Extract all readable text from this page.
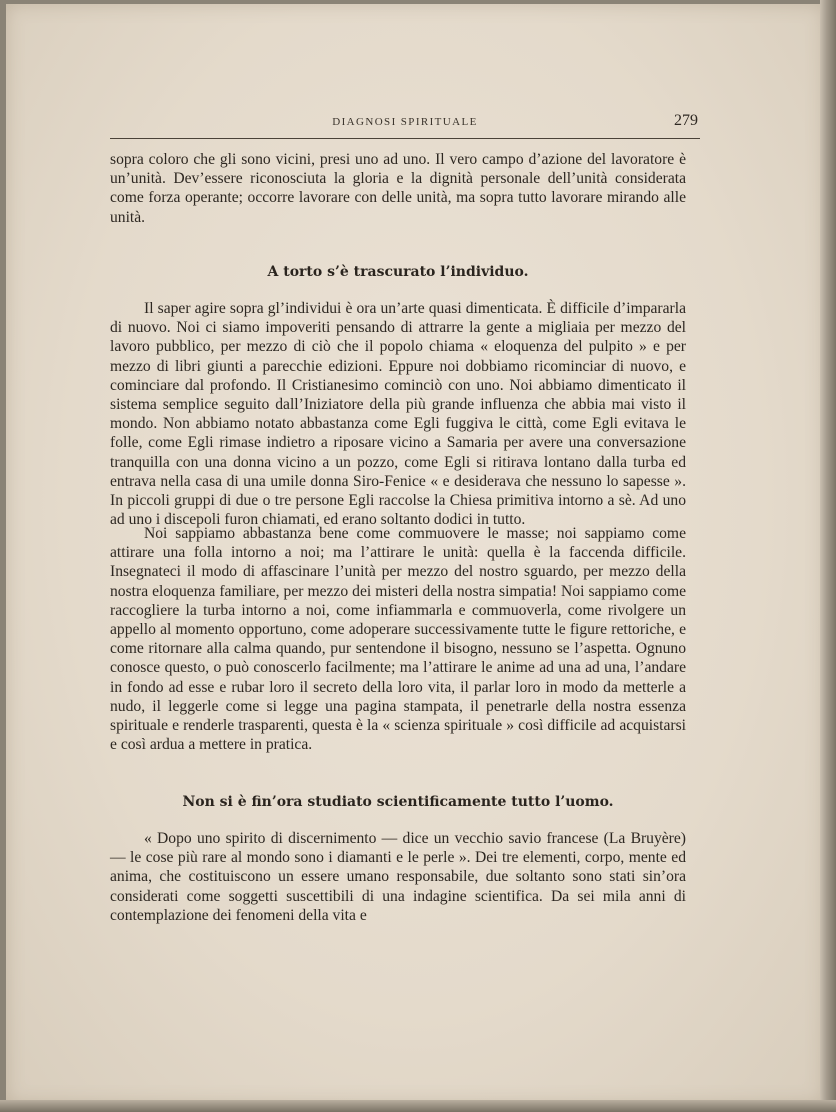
DIAGNOSI SPIRITUALE	279

sopra coloro che gli sono vicini, presi uno ad uno. Il vero campo d’azione del lavoratore è un’unità. Dev’essere riconosciuta la gloria e la dignità personale dell’unità considerata come forza operante; occorre lavorare con delle unità, ma sopra tutto lavorare mirando alle unità.

A torto s’è trascurato l’individuo.

Il saper agire sopra gl’individui è ora un’arte quasi dimenticata. È difficile d’impararla di nuovo. Noi ci siamo impoveriti pensando di attrarre la gente a migliaia per mezzo del lavoro pubblico, per mezzo di ciò che il popolo chiama « eloquenza del pulpito » e per mezzo di libri giunti a parecchie edizioni. Eppure noi dobbiamo ricominciar di nuovo, e cominciare dal profondo. Il Cristianesimo cominciò con uno. Noi abbiamo dimenticato il sistema semplice seguito dall’Iniziatore della più grande influenza che abbia mai visto il mondo. Non abbiamo notato abbastanza come Egli fuggiva le città, come Egli evitava le folle, come Egli rimase indietro a riposare vicino a Samaria per avere una conversazione tranquilla con una donna vicino a un pozzo, come Egli si ritirava lontano dalla turba ed entrava nella casa di una umile donna Siro-Fenice « e desiderava che nessuno lo sapesse ». In piccoli gruppi di due o tre persone Egli raccolse la Chiesa primitiva intorno a sè. Ad uno ad uno i discepoli furon chiamati, ed erano soltanto dodici in tutto.

Noi sappiamo abbastanza bene come commuovere le masse; noi sappiamo come attirare una folla intorno a noi; ma l’attirare le unità: quella è la faccenda difficile. Insegnateci il modo di affascinare l’unità per mezzo del nostro sguardo, per mezzo della nostra eloquenza familiare, per mezzo dei misteri della nostra simpatia! Noi sappiamo come raccogliere la turba intorno a noi, come infiammarla e commuoverla, come rivolgere un appello al momento opportuno, come adoperare successivamente tutte le figure rettoriche, e come ritornare alla calma quando, pur sentendone il bisogno, nessuno se l’aspetta. Ognuno conosce questo, o può conoscerlo facilmente; ma l’attirare le anime ad una ad una, l’andare in fondo ad esse e rubar loro il secreto della loro vita, il parlar loro in modo da metterle a nudo, il leggerle come si legge una pagina stampata, il penetrarle della nostra essenza spirituale e renderle trasparenti, questa è la « scienza spirituale » così difficile ad acquistarsi e così ardua a mettere in pratica.

Non si è fin’ora studiato scientificamente tutto l’uomo.

« Dopo uno spirito di discernimento — dice un vecchio savio francese (La Bruyère) — le cose più rare al mondo sono i diamanti e le perle ». Dei tre elementi, corpo, mente ed anima, che costituiscono un essere umano responsabile, due soltanto sono stati sin’ora considerati come soggetti suscettibili di una indagine scientifica. Da sei mila anni di contemplazione dei fenomeni della vita e
